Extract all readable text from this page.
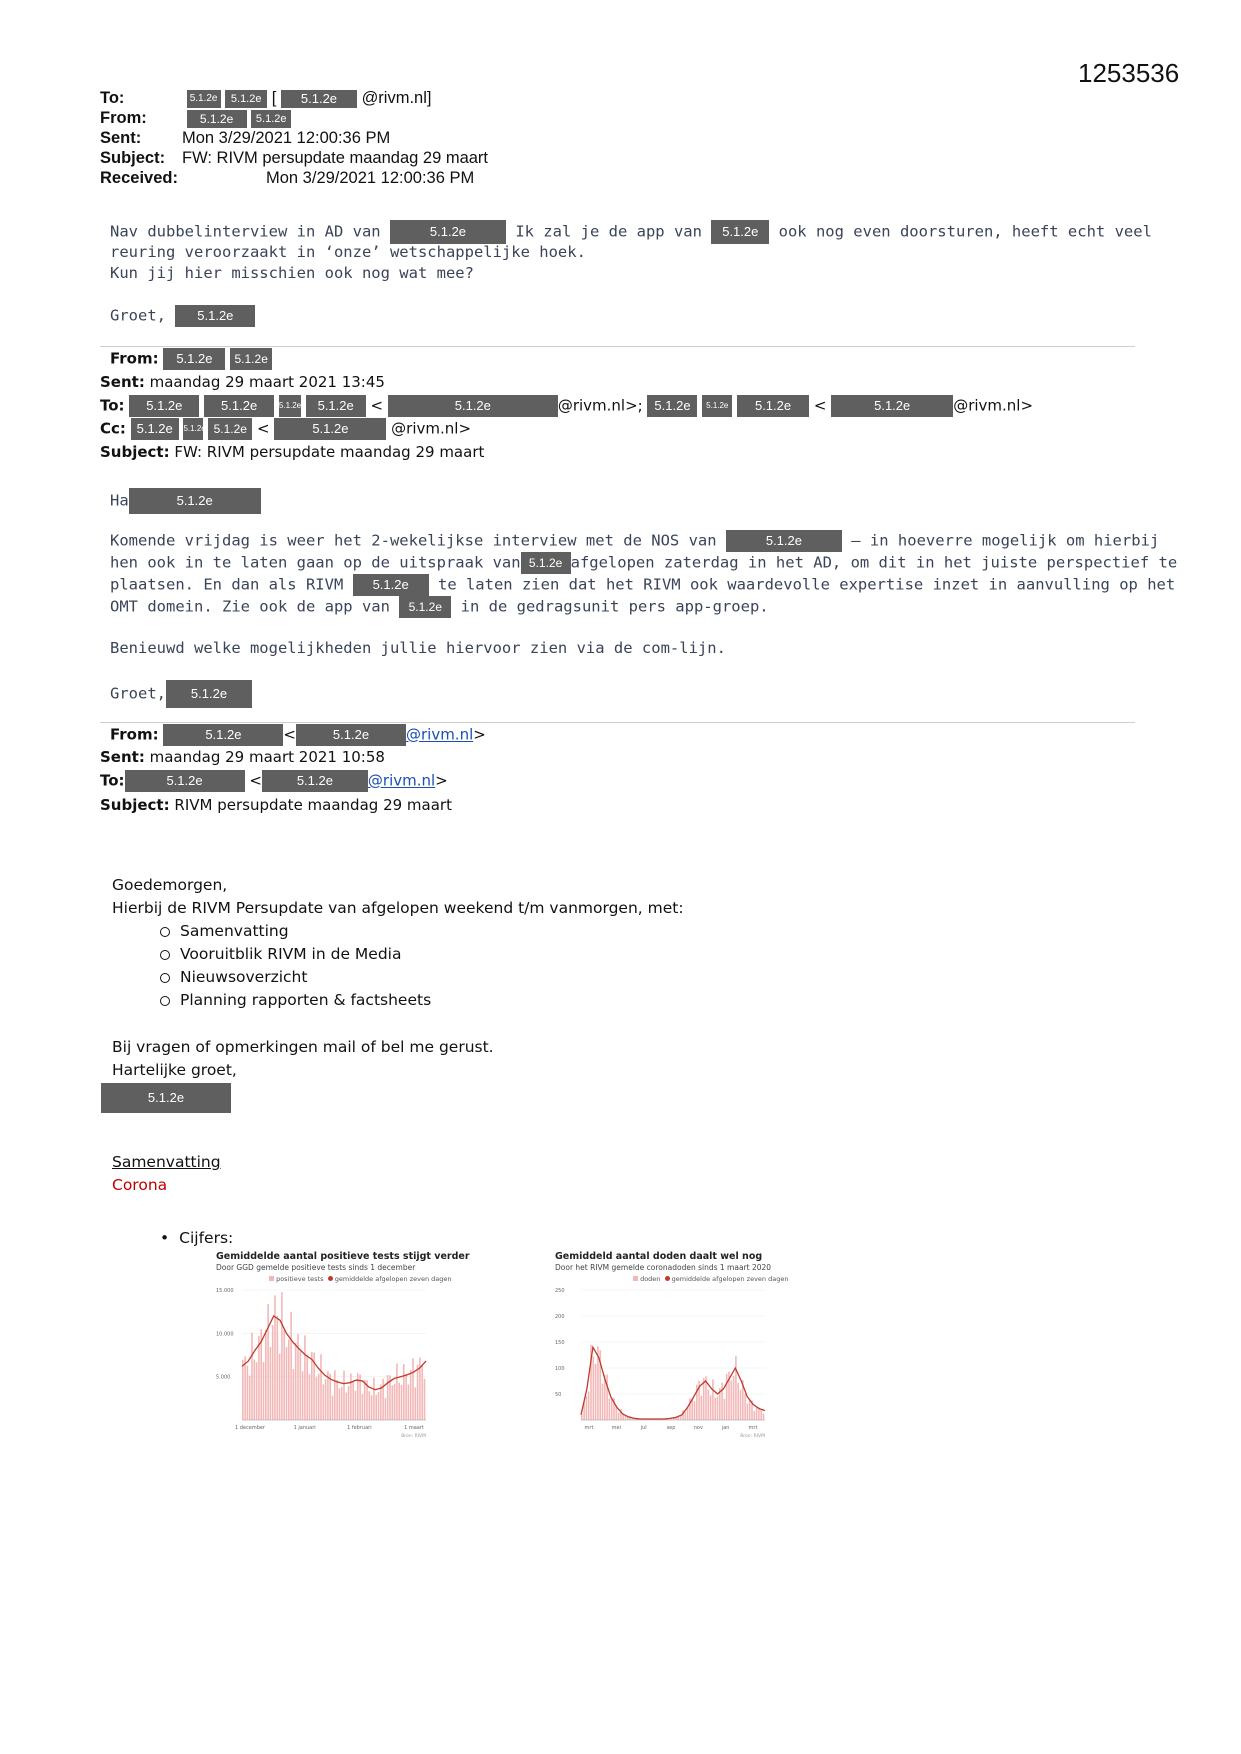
1253536
To:	5.1.2e 5.1.2e [ 5.1.2e @rivm.nl]
From:	5.1.2e 5.1.2e
Sent: Mon 3/29/2021 12:00:36 PM
Subject: FW: RIVM persupdate maandag 29 maart
Received:	Mon 3/29/2021 12:00:36 PM
Nav dubbelinterview in AD van	5.1.2e	Ik zal je de app van 5.1.2e ook nog even doorsturen, heeft echt veel
reuring veroorzaakt in ‘onze’ wetschappelijke hoek.
Kun jij hier misschien ook nog wat mee?
Groet, 5.1.2e
From: 5.1.2e 5.1.2e
Sent: maandag 29 maart 2021 13:45
To: 5.1.2e	5.1.2e	5.1.2e 5.1.2e <	5.1.2e	@rivm.nl>; 5.1.2e 5.1.2e 5.1.2e <	5.1.2e	@rivm.nl>
Cc: 5.1.2e 5.1.2e 5.1.2e <	5.1.2e	@rivm.nl>
Subject: FW: RIVM persupdate maandag 29 maart
Ha	5.1.2e
Komende vrijdag is weer het 2-wekelijkse interview met de NOS van	5.1.2e	– in hoeverre mogelijk om hierbij
hen ook in te laten gaan op de uitspraak van 5.1.2e afgelopen zaterdag in het AD, om dit in het juiste perspectief te
plaatsen. En dan als RIVM 5.1.2e te laten zien dat het RIVM ook waardevolle expertise inzet in aanvulling op het
OMT domein. Zie ook de app van 5.1.2e in de gedragsunit pers app-groep.
Benieuwd welke mogelijkheden jullie hiervoor zien via de com-lijn.
Groet, 5.1.2e
From:	5.1.2e	<	5.1.2e @rivm.nl>
Sent: maandag 29 maart 2021 10:58
To:	5.1.2e	<	5.1.2e @rivm.nl>
Subject: RIVM persupdate maandag 29 maart
Goedemorgen,
Hierbij de RIVM Persupdate van afgelopen weekend t/m vanmorgen, met:
Samenvatting
Vooruitblik RIVM in de Media
Nieuwsoverzicht
Planning rapporten & factsheets
Bij vragen of opmerkingen mail of bel me gerust.
Hartelijke groet,
5.1.2e
Samenvatting
Corona
• Cijfers:
Gemiddelde aantal positieve tests stijgt verder
Door GGD gemelde positieve tests sinds 1 december
positieve tests gemiddelde afgelopen zeven dagen
15.000
10.000
5.000
1 december	1 januari	1 februari	1 maart
Bron: RIVM
Gemiddeld aantal doden daalt wel nog
Door het RIVM gemelde coronadoden sinds 1 maart 2020
doden gemiddelde afgelopen zeven dagen
250
200
150
100
50
mrt	mei	jul	sep	nov	jan	mrt
Bron: RIVM
